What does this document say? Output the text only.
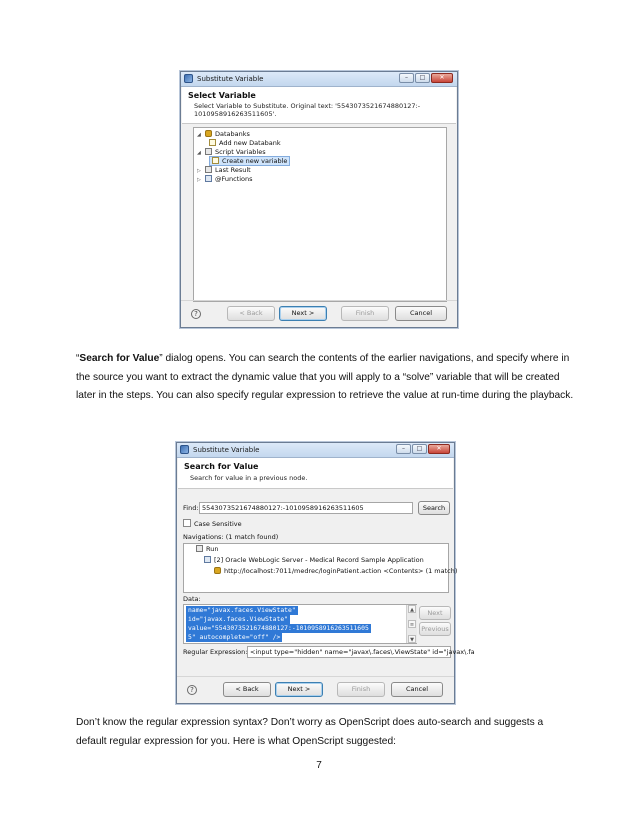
Substitute Variable	–	□	✕
Select Variable
Select Variable to Substitute. Original text: '5543073521674880127:-
1010958916263511605'.
◢ Databanks
Add new Databank
◢ Script Variables
Create new variable
▷ Last Result
▷ @Functions
?	< Back	Next >	Finish	Cancel
“Search for Value” dialog opens. You can search the contents of the earlier navigations, and specify where in the source you want to extract the dynamic value that you will apply to a “solve” variable that will be created later in the steps. You can also specify regular expression to retrieve the value at run-time during the playback.
Substitute Variable	–	□	✕
Search for Value
Search for value in a previous node.
Find: 5543073521674880127:-1010958916263511605	Search
Case Sensitive
Navigations: (1 match found)
Run
[2] Oracle WebLogic Server - Medical Record Sample Application
http://localhost:7011/medrec/loginPatient.action <Contents> (1 match)
Data:
name="javax.faces.ViewState"
id="javax.faces.ViewState"
value="5543073521674880127:-1010958916263511605
5" autocomplete="off" />
▲
≡
▼
Next
Previous
Regular Expression: <input type="hidden" name="javax\.faces\.ViewState" id="javax\.fa
?	< Back	Next >	Finish	Cancel
Don’t know the regular expression syntax? Don’t worry as OpenScript does auto-search and suggests a default regular expression for you. Here is what OpenScript suggested:
7
